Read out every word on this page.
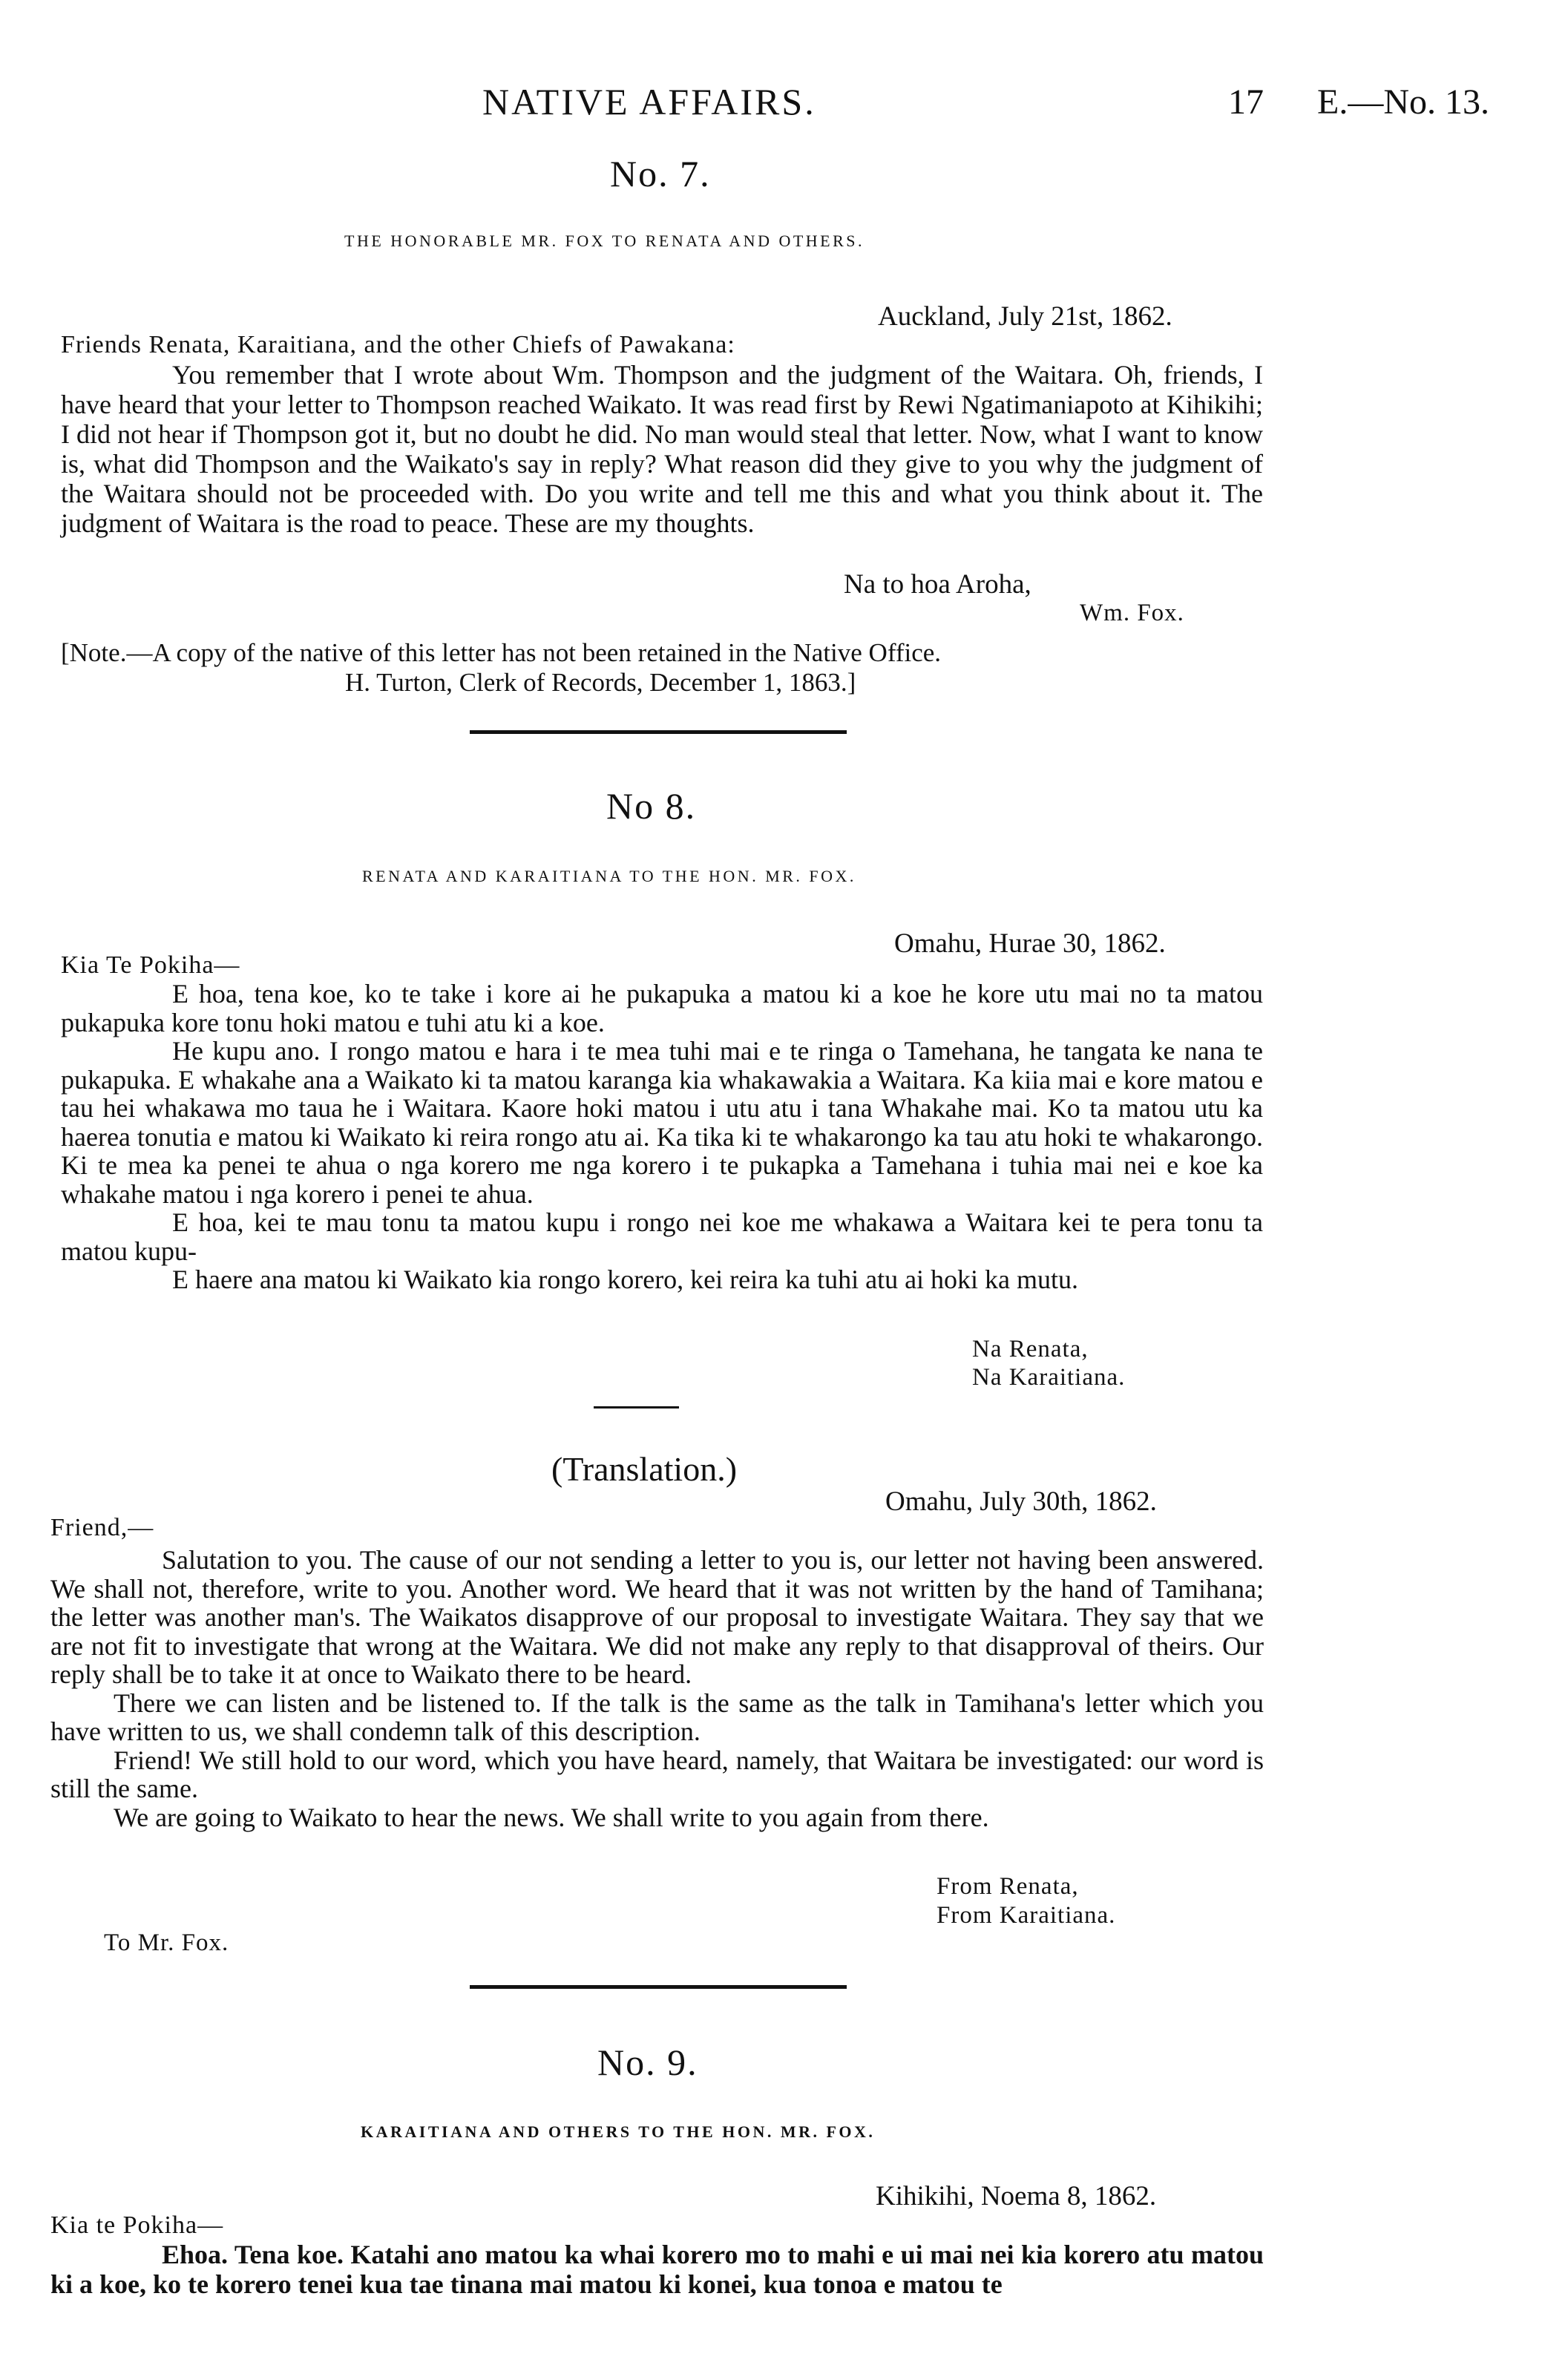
NATIVE AFFAIRS.	17 E.—No. 13.
No. 7.
THE HONORABLE MR. FOX TO RENATA AND OTHERS.
Auckland, July 21st, 1862.
Friends Renata, Karaitiana, and the other Chiefs of Pawakana:

You remember that I wrote about Wm. Thompson and the judgment of the Waitara. Oh, friends, I have heard that your letter to Thompson reached Waikato. It was read first by Rewi Ngatimaniapoto at Kihikihi; I did not hear if Thompson got it, but no doubt he did. No man would steal that letter. Now, what I want to know is, what did Thompson and the Waikato's say in reply? What reason did they give to you why the judgment of the Waitara should not be proceeded with. Do you write and tell me this and what you think about it. The judgment of Waitara is the road to peace. These are my thoughts.

Na to hoa Aroha,
Wm. Fox.
[Note.—A copy of the native of this letter has not been retained in the Native Office.
H. Turton, Clerk of Records, December 1, 1863.]
No 8.
RENATA AND KARAITIANA TO THE HON. MR. FOX.
Omahu, Hurae 30, 1862.
Kia Te Pokiha—

E hoa, tena koe, ko te take i kore ai he pukapuka a matou ki a koe he kore utu mai no ta matou pukapuka kore tonu hoki matou e tuhi atu ki a koe.

He kupu ano. I rongo matou e hara i te mea tuhi mai e te ringa o Tamehana, he tangata ke nana te pukapuka. E whakahe ana a Waikato ki ta matou karanga kia whakawakia a Waitara. Ka kiia mai e kore matou e tau hei whakawa mo taua he i Waitara. Kaore hoki matou i utu atu i tana Whakahe mai. Ko ta matou utu ka haerea tonutia e matou ki Waikato ki reira rongo atu ai. Ka tika ki te whakarongo ka tau atu hoki te whakarongo. Ki te mea ka penei te ahua o nga korero me nga korero i te pukapka a Tamehana i tuhia mai nei e koe ka whakahe matou i nga korero i penei te ahua.

E hoa, kei te mau tonu ta matou kupu i rongo nei koe me whakawa a Waitara kei te pera tonu ta matou kupu-

E haere ana matou ki Waikato kia rongo korero, kei reira ka tuhi atu ai hoki ka mutu.

Na Renata,
Na Karaitiana.
(Translation.)
Omahu, July 30th, 1862.
Friend,—

Salutation to you. The cause of our not sending a letter to you is, our letter not having been answered. We shall not, therefore, write to you. Another word. We heard that it was not written by the hand of Tamihana; the letter was another man's. The Waikatos disapprove of our proposal to investigate Waitara. They say that we are not fit to investigate that wrong at the Waitara. We did not make any reply to that disapproval of theirs. Our reply shall be to take it at once to Waikato there to be heard.

There we can listen and be listened to. If the talk is the same as the talk in Tamihana's letter which you have written to us, we shall condemn talk of this description.

Friend! We still hold to our word, which you have heard, namely, that Waitara be investigated: our word is still the same.

We are going to Waikato to hear the news. We shall write to you again from there.

From Renata,
From Karaitiana.
To Mr. Fox.
No. 9.
KARAITIANA AND OTHERS TO THE HON. MR. FOX.
Kihikihi, Noema 8, 1862.
Kia te Pokiha—

Ehoa. Tena koe. Katahi ano matou ka whai korero mo to mahi e ui mai nei kia korero atu matou ki a koe, ko te korero tenei kua tae tinana mai matou ki konei, kua tonoa e matou te
